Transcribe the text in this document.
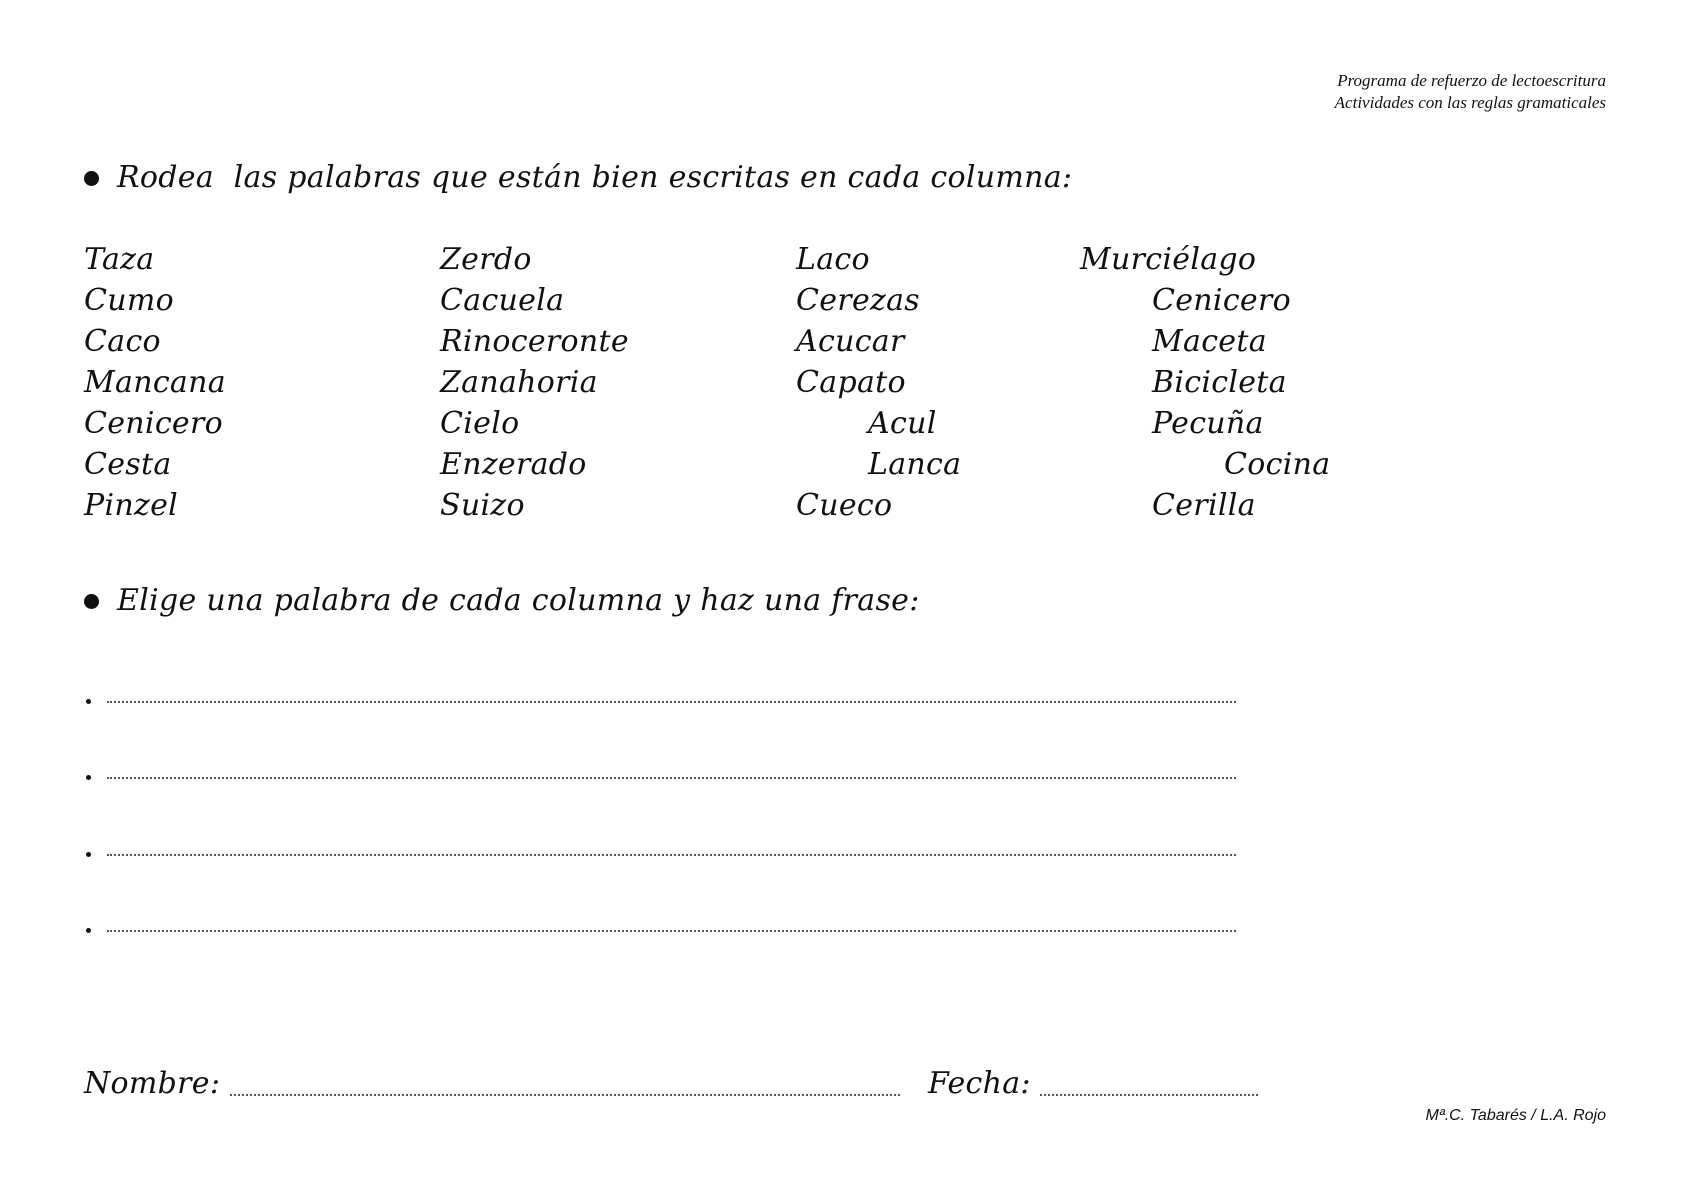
Programa de refuerzo de lectoescritura
Actividades con las reglas gramaticales
Rodea  las palabras que están bien escritas en cada columna:
Taza
Cumo
Caco
Mancana
Cenicero
Cesta
Pinzel
Zerdo
Cacuela
Rinoceronte
Zanahoria
Cielo
Enzerado
Suizo
Laco
Cerezas
Acucar
Capato
Acul
Lanca
Cueco
Murciélago
Cenicero
Maceta
Bicicleta
Pecuña
Cocina
Cerilla
Elige una palabra de cada columna y haz una frase:
Nombre:	Fecha:
Mª.C. Tabarés / L.A. Rojo
